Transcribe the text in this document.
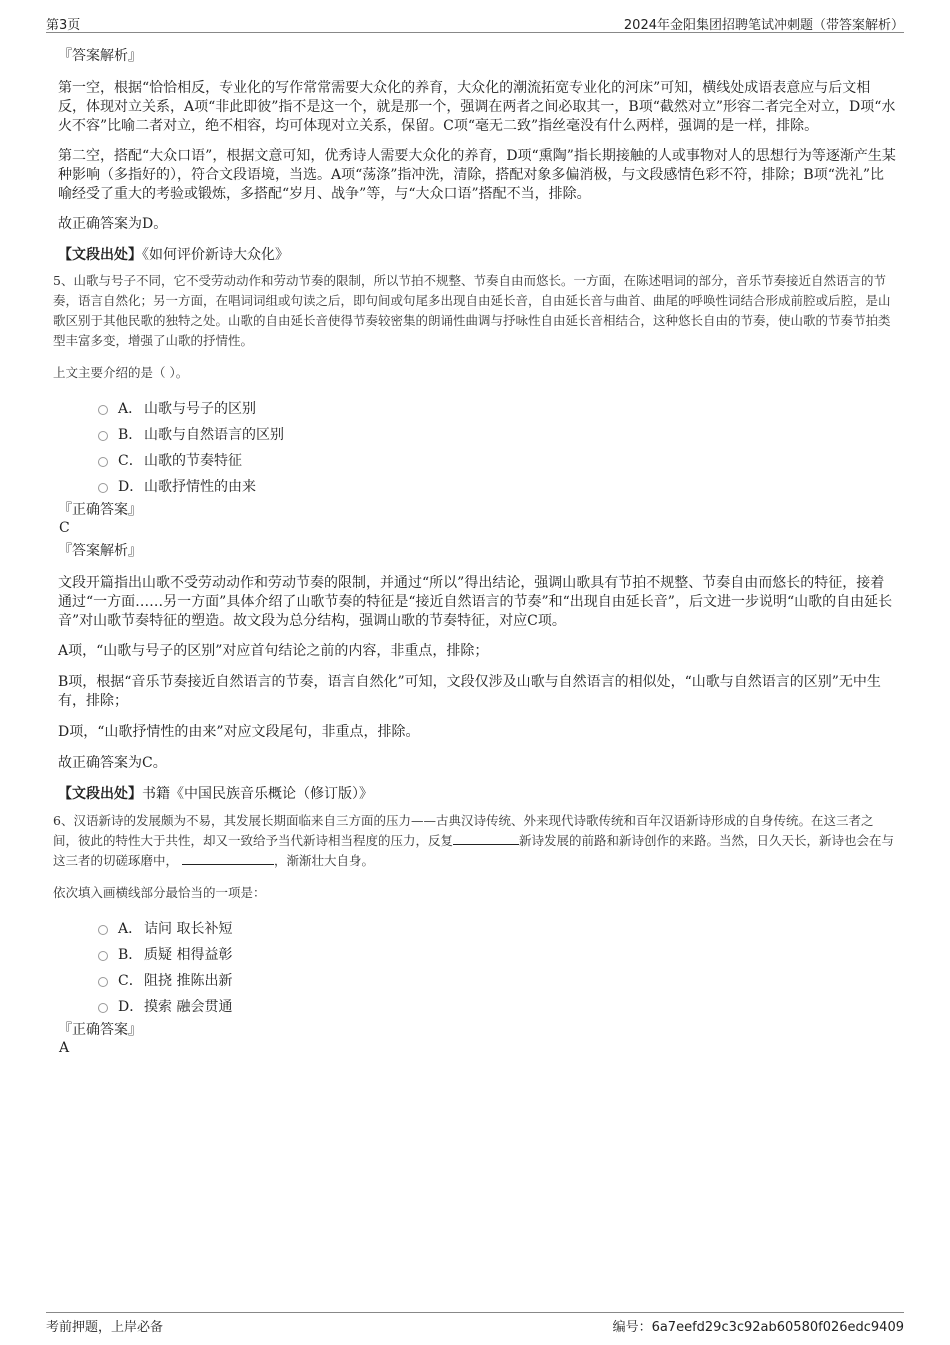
第3页	2024年金阳集团招聘笔试冲刺题（带答案解析）

『答案解析』

第一空，根据“恰恰相反，专业化的写作常常需要大众化的养育，大众化的潮流拓宽专业化的河床”可知，横线处成语表意应与后文相反，体现对立关系，A项“非此即彼”指不是这一个，就是那一个，强调在两者之间必取其一，B项“截然对立”形容二者完全对立，D项“水火不容”比喻二者对立，绝不相容，均可体现对立关系，保留。C项“毫无二致”指丝毫没有什么两样，强调的是一样，排除。

第二空，搭配“大众口语”，根据文意可知，优秀诗人需要大众化的养育，D项“熏陶”指长期接触的人或事物对人的思想行为等逐渐产生某种影响（多指好的），符合文段语境，当选。A项“荡涤”指冲洗，清除，搭配对象多偏消极，与文段感情色彩不符，排除；B项“洗礼”比喻经受了重大的考验或锻炼，多搭配“岁月、战争”等，与“大众口语”搭配不当，排除。

故正确答案为D。

【文段出处】《如何评价新诗大众化》

5、山歌与号子不同，它不受劳动动作和劳动节奏的限制，所以节拍不规整、节奏自由而悠长。一方面，在陈述唱词的部分，音乐节奏接近自然语言的节奏，语言自然化；另一方面，在唱词词组或句读之后，即句间或句尾多出现自由延长音，自由延长音与曲首、曲尾的呼唤性词结合形成前腔或后腔，是山歌区别于其他民歌的独特之处。山歌的自由延长音使得节奏较密集的朗诵性曲调与抒咏性自由延长音相结合，这种悠长自由的节奏，使山歌的节奏节拍类型丰富多变，增强了山歌的抒情性。

上文主要介绍的是（ ）。

A． 山歌与号子的区别
B． 山歌与自然语言的区别
C． 山歌的节奏特征
D． 山歌抒情性的由来

『正确答案』

C

『答案解析』

文段开篇指出山歌不受劳动动作和劳动节奏的限制，并通过“所以”得出结论，强调山歌具有节拍不规整、节奏自由而悠长的特征，接着通过“一方面……另一方面”具体介绍了山歌节奏的特征是“接近自然语言的节奏”和“出现自由延长音”，后文进一步说明“山歌的自由延长音”对山歌节奏特征的塑造。故文段为总分结构，强调山歌的节奏特征，对应C项。

A项，“山歌与号子的区别”对应首句结论之前的内容，非重点，排除；

B项，根据“音乐节奏接近自然语言的节奏，语言自然化”可知，文段仅涉及山歌与自然语言的相似处，“山歌与自然语言的区别”无中生有，排除；

D项，“山歌抒情性的由来”对应文段尾句，非重点，排除。

故正确答案为C。

【文段出处】书籍《中国民族音乐概论（修订版）》

6、汉语新诗的发展颇为不易，其发展长期面临来自三方面的压力——古典汉诗传统、外来现代诗歌传统和百年汉语新诗形成的自身传统。在这三者之间，彼此的特性大于共性，却又一致给予当代新诗相当程度的压力，反复	新诗发展的前路和新诗创作的来路。当然，日久天长，新诗也会在与这三者的切磋琢磨中，	，渐渐壮大自身。

依次填入画横线部分最恰当的一项是：

A． 诘问 取长补短
B． 质疑 相得益彰
C． 阻挠 推陈出新
D． 摸索 融会贯通

『正确答案』

A

考前押题，上岸必备	编号：6a7eefd29c3c92ab60580f026edc9409
